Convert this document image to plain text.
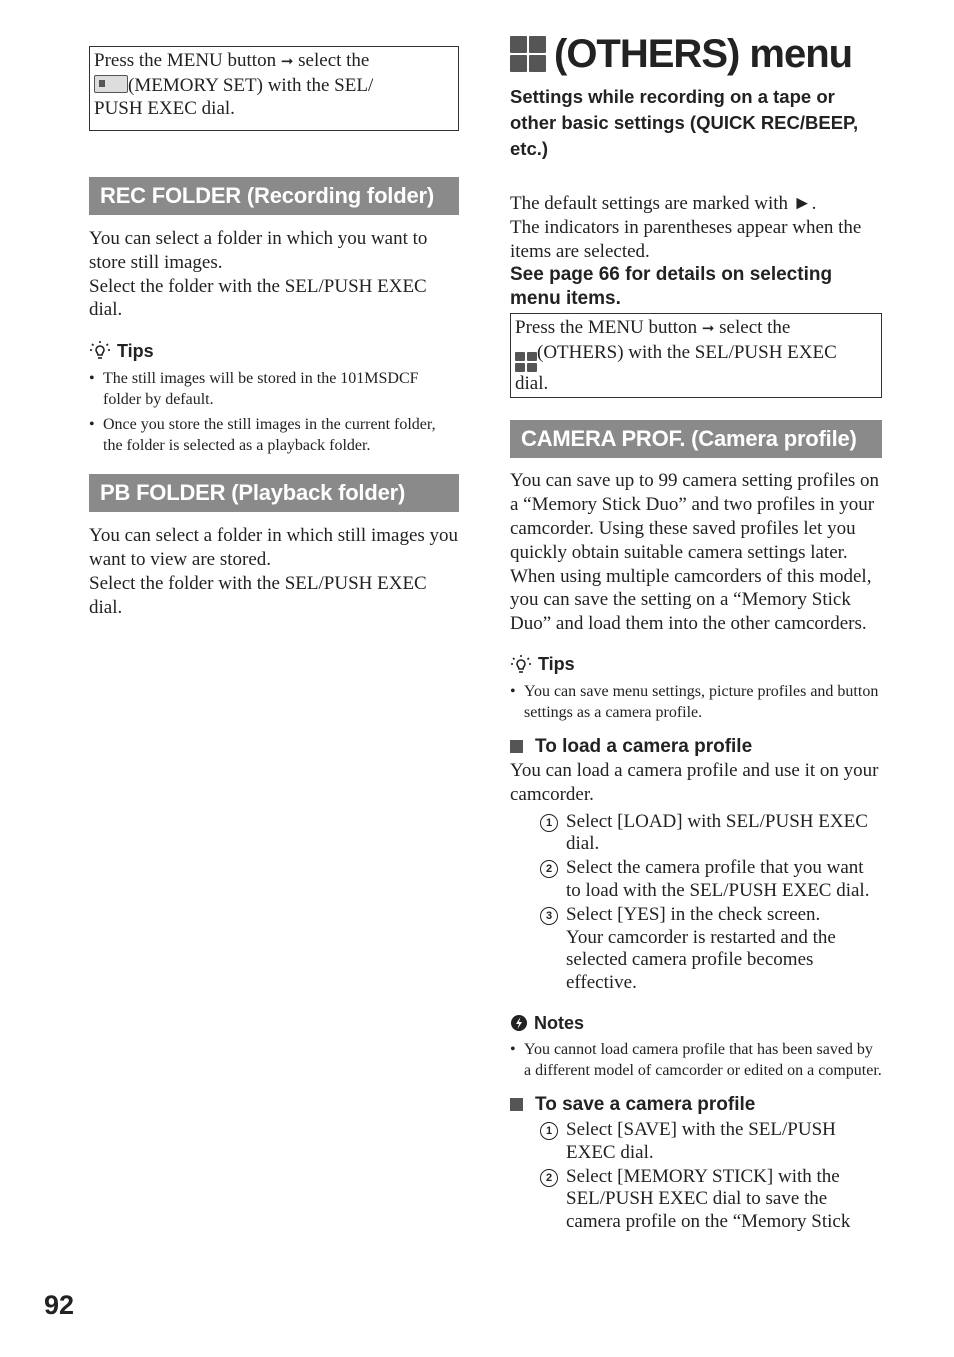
Press the MENU button ➞ select the
(MEMORY SET) with the SEL/
PUSH EXEC dial.
REC FOLDER (Recording folder)

You can select a folder in which you want to store still images.

Select the folder with the SEL/PUSH EXEC dial.

Tips
• The still images will be stored in the 101MSDCF folder by default.
• Once you store the still images in the current folder, the folder is selected as a playback folder.
PB FOLDER (Playback folder)

You can select a folder in which still images you want to view are stored.

Select the folder with the SEL/PUSH EXEC dial.

(OTHERS) menu
Settings while recording on a tape or other basic settings (QUICK REC/BEEP, etc.)

The default settings are marked with ►.

The indicators in parentheses appear when the items are selected.

See page 66 for details on selecting menu items.
Press the MENU button ➞ select the

(OTHERS) with the SEL/PUSH EXEC
dial.
CAMERA PROF. (Camera profile)

You can save up to 99 camera setting profiles on a “Memory Stick Duo” and two profiles in your camcorder. Using these saved profiles let you quickly obtain suitable camera settings later. When using multiple camcorders of this model, you can save the setting on a “Memory Stick Duo” and load them into the other camcorders.

Tips
• You can save menu settings, picture profiles and button settings as a camera profile.
To load a camera profile

You can load a camera profile and use it on your camcorder.

1 Select [LOAD] with SEL/PUSH EXEC dial.
2 Select the camera profile that you want to load with the SEL/PUSH EXEC dial.
3 Select [YES] in the check screen.
Your camcorder is restarted and the selected camera profile becomes effective.
Notes
• You cannot load camera profile that has been saved by a different model of camcorder or edited on a computer.
To save a camera profile
1 Select [SAVE] with the SEL/PUSH EXEC dial.
2 Select [MEMORY STICK] with the SEL/PUSH EXEC dial to save the camera profile on the “Memory Stick
92
